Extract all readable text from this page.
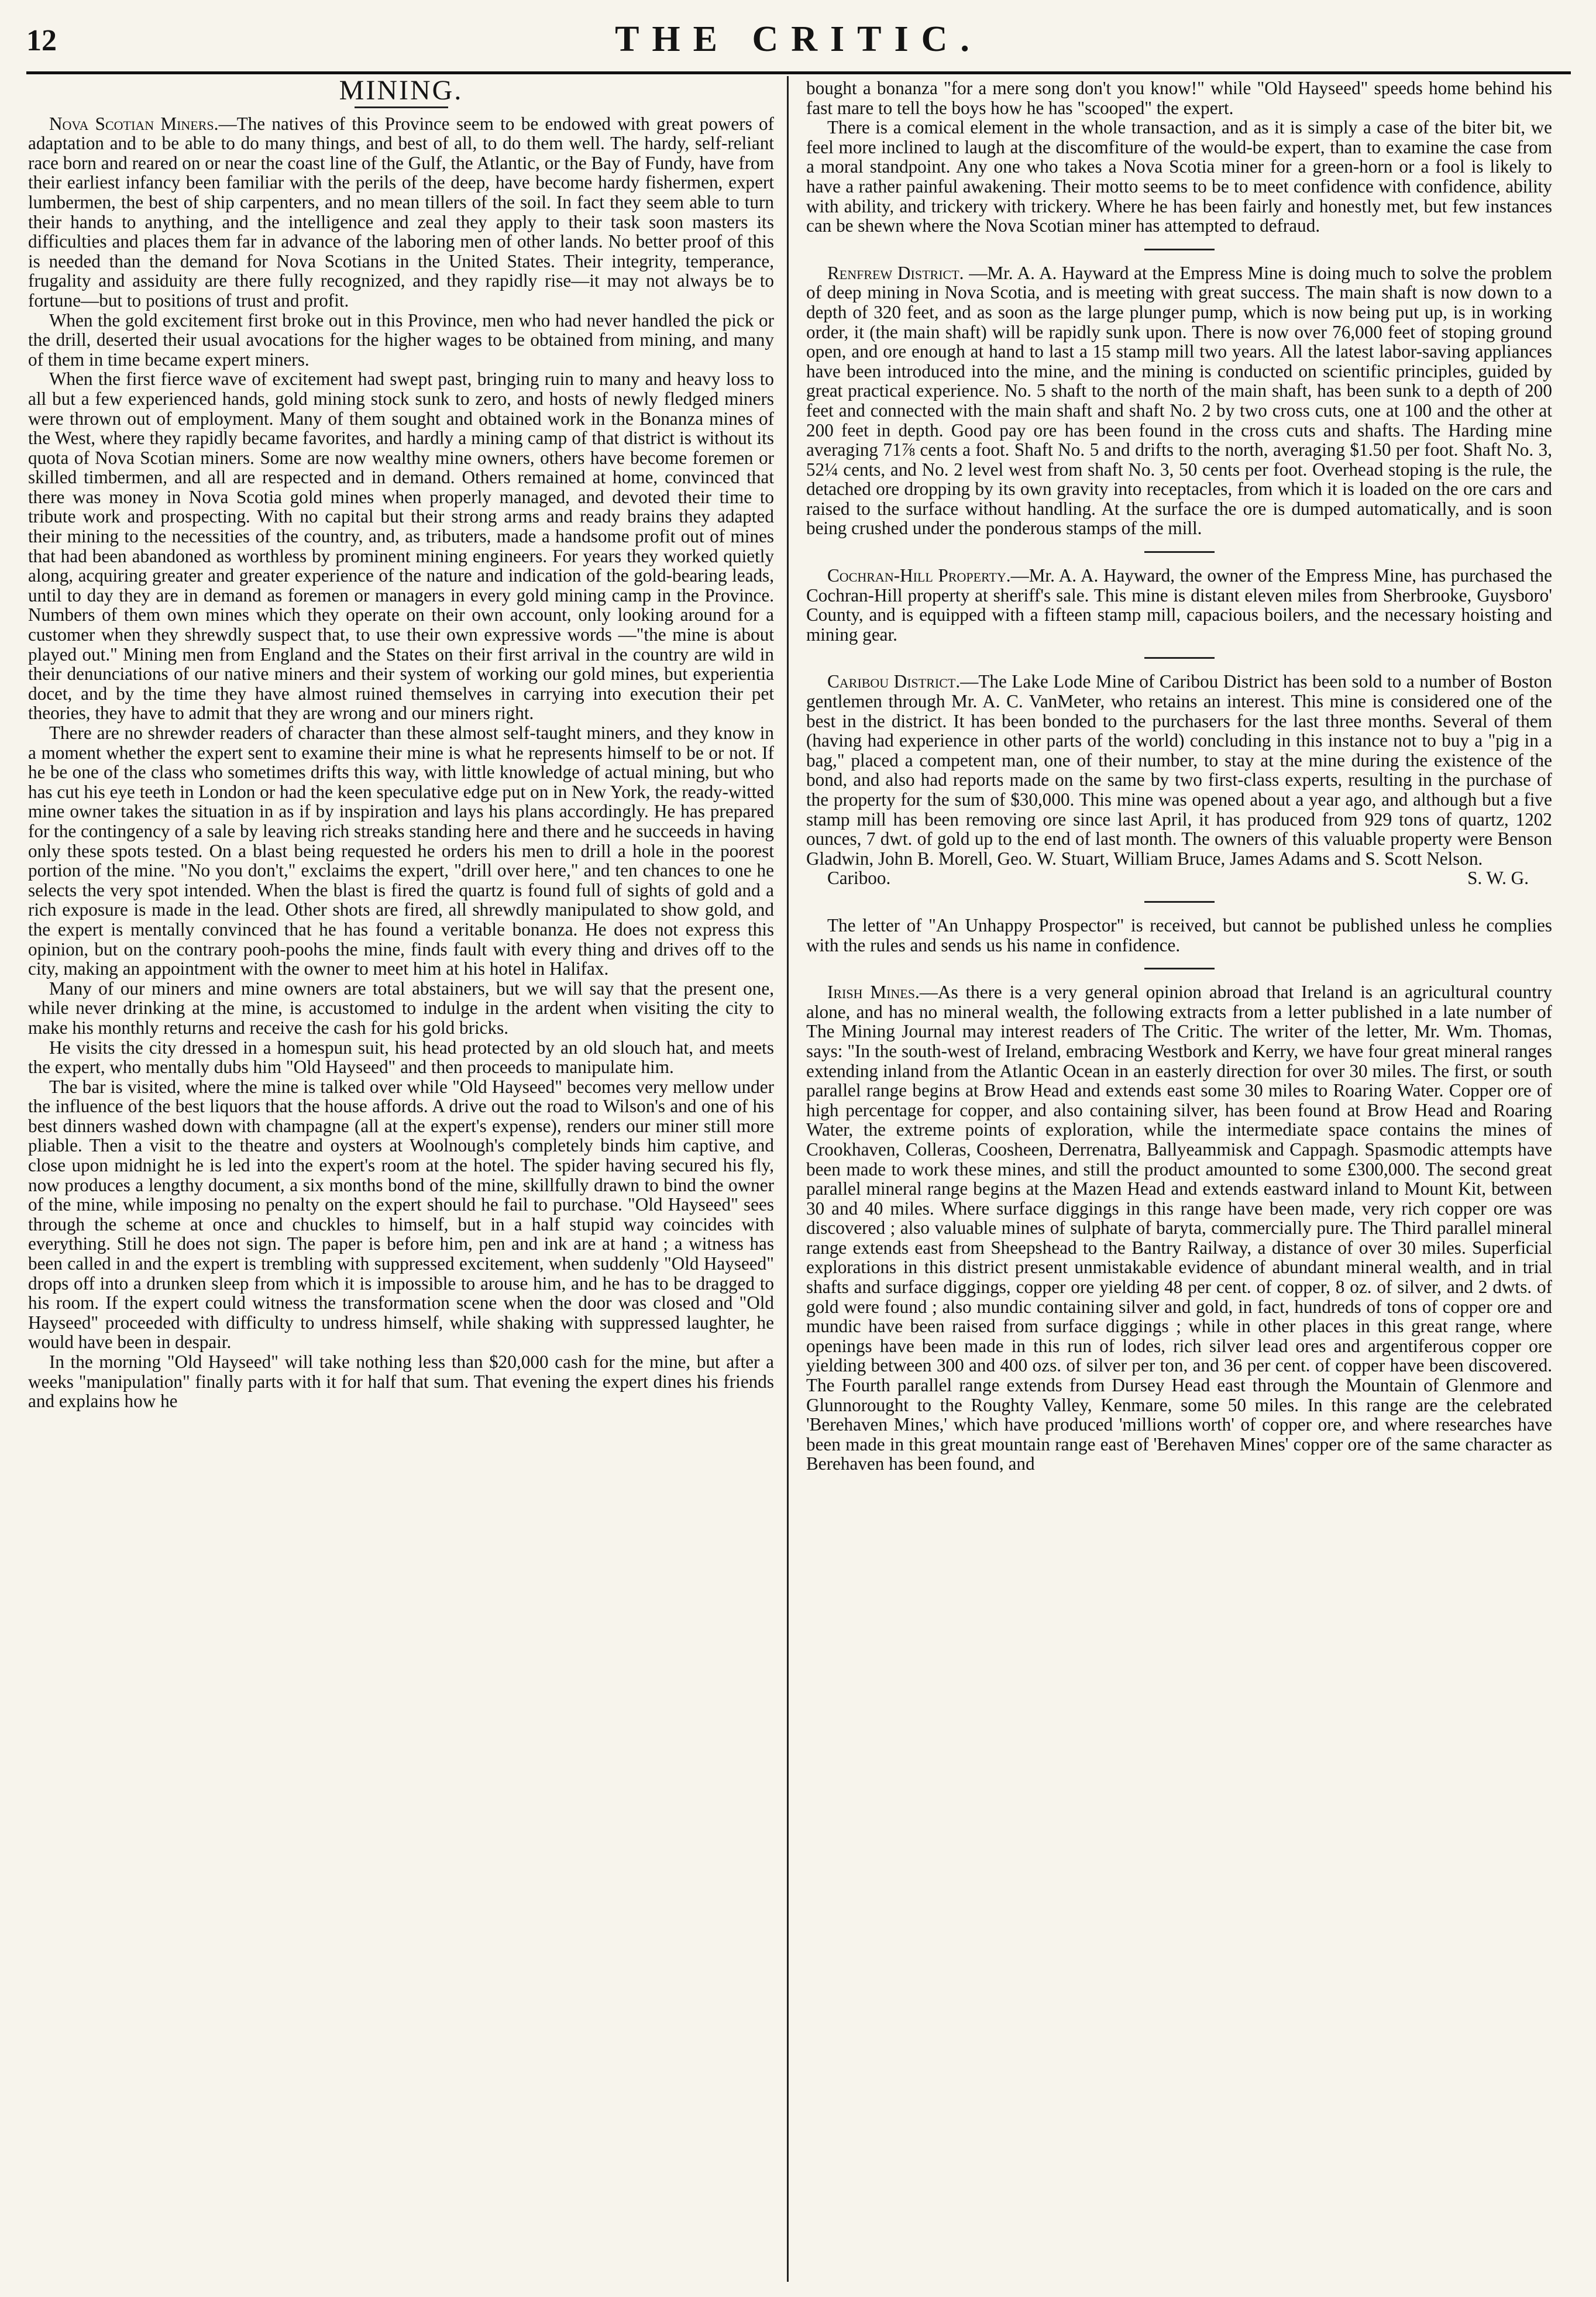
12	THE CRITIC.
MINING.

Nova Scotian Miners.—The natives of this Province seem to be endowed with great powers of adaptation and to be able to do many things, and best of all, to do them well. The hardy, self-reliant race born and reared on or near the coast line of the Gulf, the Atlantic, or the Bay of Fundy, have from their earliest infancy been familiar with the perils of the deep, have become hardy fishermen, expert lumbermen, the best of ship carpenters, and no mean tillers of the soil. In fact they seem able to turn their hands to anything, and the intelligence and zeal they apply to their task soon masters its difficulties and places them far in advance of the laboring men of other lands. No better proof of this is needed than the demand for Nova Scotians in the United States. Their integrity, temperance, frugality and assiduity are there fully recognized, and they rapidly rise—it may not always be to fortune—but to positions of trust and profit.

When the gold excitement first broke out in this Province, men who had never handled the pick or the drill, deserted their usual avocations for the higher wages to be obtained from mining, and many of them in time became expert miners.

When the first fierce wave of excitement had swept past, bringing ruin to many and heavy loss to all but a few experienced hands, gold mining stock sunk to zero, and hosts of newly fledged miners were thrown out of employment. Many of them sought and obtained work in the Bonanza mines of the West, where they rapidly became favorites, and hardly a mining camp of that district is without its quota of Nova Scotian miners. Some are now wealthy mine owners, others have become foremen or skilled timbermen, and all are respected and in demand. Others remained at home, convinced that there was money in Nova Scotia gold mines when properly managed, and devoted their time to tribute work and prospecting. With no capital but their strong arms and ready brains they adapted their mining to the necessities of the country, and, as tributers, made a handsome profit out of mines that had been abandoned as worthless by prominent mining engineers. For years they worked quietly along, acquiring greater and greater experience of the nature and indication of the gold-bearing leads, until to day they are in demand as foremen or managers in every gold mining camp in the Province. Numbers of them own mines which they operate on their own account, only looking around for a customer when they shrewdly suspect that, to use their own expressive words —"the mine is about played out." Mining men from England and the States on their first arrival in the country are wild in their denunciations of our native miners and their system of working our gold mines, but experientia docet, and by the time they have almost ruined themselves in carrying into execution their pet theories, they have to admit that they are wrong and our miners right.

There are no shrewder readers of character than these almost self-taught miners, and they know in a moment whether the expert sent to examine their mine is what he represents himself to be or not. If he be one of the class who sometimes drifts this way, with little knowledge of actual mining, but who has cut his eye teeth in London or had the keen speculative edge put on in New York, the ready-witted mine owner takes the situation in as if by inspiration and lays his plans accordingly. He has prepared for the contingency of a sale by leaving rich streaks standing here and there and he succeeds in having only these spots tested. On a blast being requested he orders his men to drill a hole in the poorest portion of the mine. "No you don't," exclaims the expert, "drill over here," and ten chances to one he selects the very spot intended. When the blast is fired the quartz is found full of sights of gold and a rich exposure is made in the lead. Other shots are fired, all shrewdly manipulated to show gold, and the expert is mentally convinced that he has found a veritable bonanza. He does not express this opinion, but on the contrary pooh-poohs the mine, finds fault with every thing and drives off to the city, making an appointment with the owner to meet him at his hotel in Halifax.

Many of our miners and mine owners are total abstainers, but we will say that the present one, while never drinking at the mine, is accustomed to indulge in the ardent when visiting the city to make his monthly returns and receive the cash for his gold bricks.

He visits the city dressed in a homespun suit, his head protected by an old slouch hat, and meets the expert, who mentally dubs him "Old Hayseed" and then proceeds to manipulate him.

The bar is visited, where the mine is talked over while "Old Hayseed" becomes very mellow under the influence of the best liquors that the house affords. A drive out the road to Wilson's and one of his best dinners washed down with champagne (all at the expert's expense), renders our miner still more pliable. Then a visit to the theatre and oysters at Woolnough's completely binds him captive, and close upon midnight he is led into the expert's room at the hotel. The spider having secured his fly, now produces a lengthy document, a six months bond of the mine, skillfully drawn to bind the owner of the mine, while imposing no penalty on the expert should he fail to purchase. "Old Hayseed" sees through the scheme at once and chuckles to himself, but in a half stupid way coincides with everything. Still he does not sign. The paper is before him, pen and ink are at hand ; a witness has been called in and the expert is trembling with suppressed excitement, when suddenly "Old Hayseed" drops off into a drunken sleep from which it is impossible to arouse him, and he has to be dragged to his room. If the expert could witness the transformation scene when the door was closed and "Old Hayseed" proceeded with difficulty to undress himself, while shaking with suppressed laughter, he would have been in despair.

In the morning "Old Hayseed" will take nothing less than $20,000 cash for the mine, but after a weeks "manipulation" finally parts with it for half that sum. That evening the expert dines his friends and explains how he

bought a bonanza "for a mere song don't you know!" while "Old Hayseed" speeds home behind his fast mare to tell the boys how he has "scooped" the expert.

There is a comical element in the whole transaction, and as it is simply a case of the biter bit, we feel more inclined to laugh at the discomfiture of the would-be expert, than to examine the case from a moral standpoint. Any one who takes a Nova Scotia miner for a green-horn or a fool is likely to have a rather painful awakening. Their motto seems to be to meet confidence with confidence, ability with ability, and trickery with trickery. Where he has been fairly and honestly met, but few instances can be shewn where the Nova Scotian miner has attempted to defraud.

Renfrew District. —Mr. A. A. Hayward at the Empress Mine is doing much to solve the problem of deep mining in Nova Scotia, and is meeting with great success. The main shaft is now down to a depth of 320 feet, and as soon as the large plunger pump, which is now being put up, is in working order, it (the main shaft) will be rapidly sunk upon. There is now over 76,000 feet of stoping ground open, and ore enough at hand to last a 15 stamp mill two years. All the latest labor-saving appliances have been introduced into the mine, and the mining is conducted on scientific principles, guided by great practical experience. No. 5 shaft to the north of the main shaft, has been sunk to a depth of 200 feet and connected with the main shaft and shaft No. 2 by two cross cuts, one at 100 and the other at 200 feet in depth. Good pay ore has been found in the cross cuts and shafts. The Harding mine averaging 71⅞ cents a foot. Shaft No. 5 and drifts to the north, averaging $1.50 per foot. Shaft No. 3, 52¼ cents, and No. 2 level west from shaft No. 3, 50 cents per foot. Overhead stoping is the rule, the detached ore dropping by its own gravity into receptacles, from which it is loaded on the ore cars and raised to the surface without handling. At the surface the ore is dumped automatically, and is soon being crushed under the ponderous stamps of the mill.

Cochran-Hill Property.—Mr. A. A. Hayward, the owner of the Empress Mine, has purchased the Cochran-Hill property at sheriff's sale. This mine is distant eleven miles from Sherbrooke, Guysboro' County, and is equipped with a fifteen stamp mill, capacious boilers, and the necessary hoisting and mining gear.

Caribou District.—The Lake Lode Mine of Caribou District has been sold to a number of Boston gentlemen through Mr. A. C. VanMeter, who retains an interest. This mine is considered one of the best in the district. It has been bonded to the purchasers for the last three months. Several of them (having had experience in other parts of the world) concluding in this instance not to buy a "pig in a bag," placed a competent man, one of their number, to stay at the mine during the existence of the bond, and also had reports made on the same by two first-class experts, resulting in the purchase of the property for the sum of $30,000. This mine was opened about a year ago, and although but a five stamp mill has been removing ore since last April, it has produced from 929 tons of quartz, 1202 ounces, 7 dwt. of gold up to the end of last month. The owners of this valuable property were Benson Gladwin, John B. Morell, Geo. W. Stuart, William Bruce, James Adams and S. Scott Nelson.

Cariboo.	S. W. G.

The letter of "An Unhappy Prospector" is received, but cannot be published unless he complies with the rules and sends us his name in confidence.

Irish Mines.—As there is a very general opinion abroad that Ireland is an agricultural country alone, and has no mineral wealth, the following extracts from a letter published in a late number of The Mining Journal may interest readers of The Critic. The writer of the letter, Mr. Wm. Thomas, says: "In the south-west of Ireland, embracing Westbork and Kerry, we have four great mineral ranges extending inland from the Atlantic Ocean in an easterly direction for over 30 miles. The first, or south parallel range begins at Brow Head and extends east some 30 miles to Roaring Water. Copper ore of high percentage for copper, and also containing silver, has been found at Brow Head and Roaring Water, the extreme points of exploration, while the intermediate space contains the mines of Crookhaven, Colleras, Coosheen, Derrenatra, Ballyeammisk and Cappagh. Spasmodic attempts have been made to work these mines, and still the product amounted to some £300,000. The second great parallel mineral range begins at the Mazen Head and extends eastward inland to Mount Kit, between 30 and 40 miles. Where surface diggings in this range have been made, very rich copper ore was discovered ; also valuable mines of sulphate of baryta, commercially pure. The Third parallel mineral range extends east from Sheepshead to the Bantry Railway, a distance of over 30 miles. Superficial explorations in this district present unmistakable evidence of abundant mineral wealth, and in trial shafts and surface diggings, copper ore yielding 48 per cent. of copper, 8 oz. of silver, and 2 dwts. of gold were found ; also mundic containing silver and gold, in fact, hundreds of tons of copper ore and mundic have been raised from surface diggings ; while in other places in this great range, where openings have been made in this run of lodes, rich silver lead ores and argentiferous copper ore yielding between 300 and 400 ozs. of silver per ton, and 36 per cent. of copper have been discovered. The Fourth parallel range extends from Dursey Head east through the Mountain of Glenmore and Glunnorought to the Roughty Valley, Kenmare, some 50 miles. In this range are the celebrated 'Berehaven Mines,' which have produced 'millions worth' of copper ore, and where researches have been made in this great mountain range east of 'Berehaven Mines' copper ore of the same character as Berehaven has been found, and
